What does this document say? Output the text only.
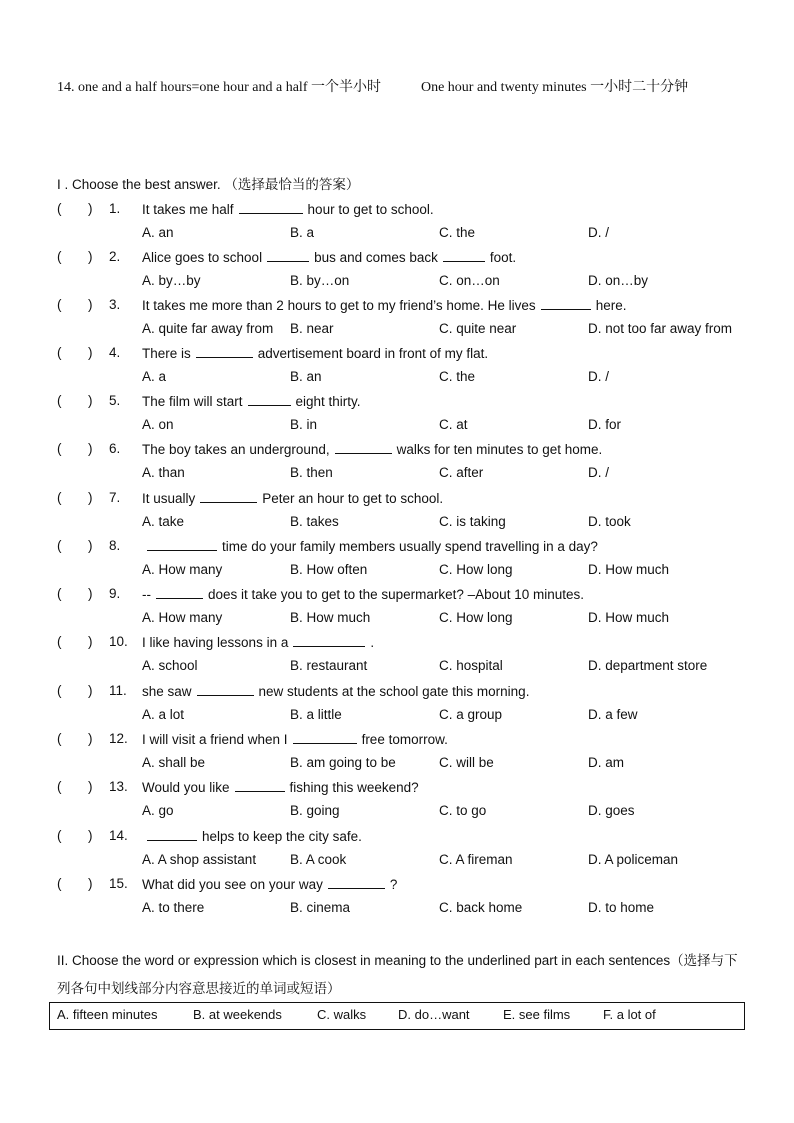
14. one and a half hours=one hour and a half 一个半小时	One hour and twenty minutes 一小时二十分钟
I . Choose the best answer. （选择最恰当的答案）
( ) 1. It takes me half	hour to get to school.
A. an	B. a	C. the	D. /
( ) 2. Alice goes to school	bus and comes back	foot.
A. by…by	B. by…on	C. on…on	D. on…by
( ) 3. It takes me more than 2 hours to get to my friend’s home. He lives	here.
A. quite far away from B. near	C. quite near	D. not too far away from
( ) 4. There is	advertisement board in front of my flat.
A. a	B. an	C. the	D. /
( ) 5. The film will start	eight thirty.
A. on	B. in	C. at	D. for
( ) 6. The boy takes an underground,	walks for ten minutes to get home.
A. than	B. then	C. after	D. /
( ) 7. It usually	Peter an hour to get to school.
A. take	B. takes	C. is taking	D. took
( ) 8.	time do your family members usually spend travelling in a day?
A. How many	B. How often	C. How long	D. How much
( ) 9. --	does it take you to get to the supermarket? –About 10 minutes.
A. How many	B. How much	C. How long	D. How much
( ) 10. I like having lessons in a	.
A. school	B. restaurant	C. hospital	D. department store
( ) 11. she saw	new students at the school gate this morning.
A. a lot	B. a little	C. a group	D. a few
( ) 12. I will visit a friend when I	free tomorrow.
A. shall be	B. am going to be	C. will be	D. am
( ) 13. Would you like	fishing this weekend?
A. go	B. going	C. to go	D. goes
( ) 14.	helps to keep the city safe.
A. A shop assistant	B. A cook	C. A fireman	D. A policeman
( ) 15. What did you see on your way	?
A. to there	B. cinema	C. back home	D. to home
II. Choose the word or expression which is closest in meaning to the underlined part in each sentences（选择与下列各句中划线部分内容意思接近的单词或短语）
A. fifteen minutes	B. at weekends	C. walks D. do…want	E. see films	F. a lot of
